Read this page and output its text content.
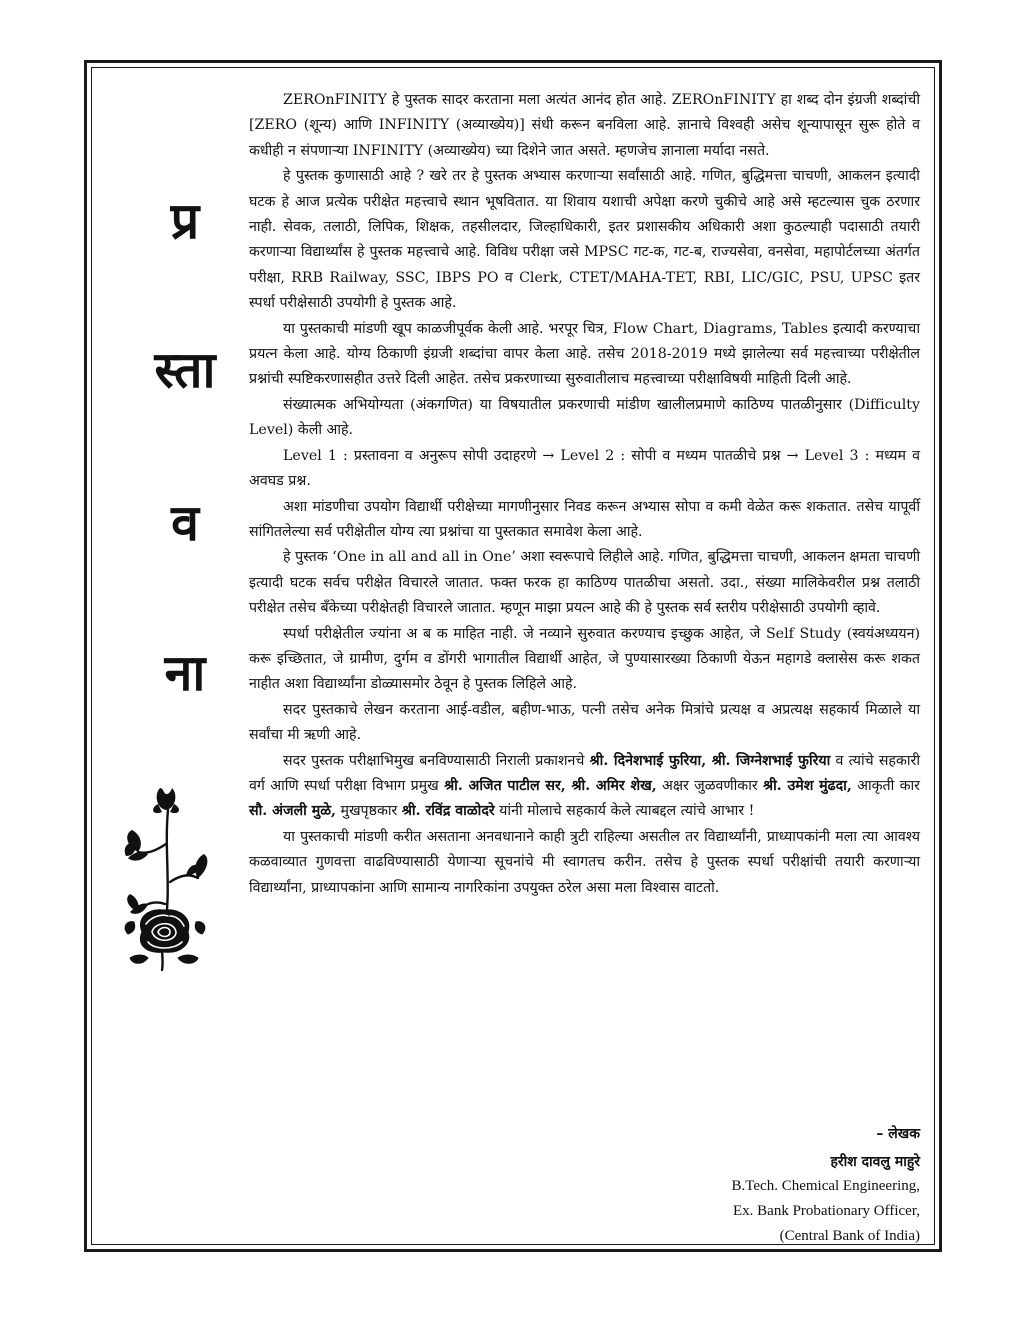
प्र
स्ता
व
ना

ZEROnFINITY हे पुस्तक सादर करताना मला अत्यंत आनंद होत आहे. ZEROnFINITY हा शब्द दोन इंग्रजी शब्दांची [ZERO (शून्य) आणि INFINITY (अव्याख्येय)] संधी करून बनविला आहे. ज्ञानाचे विश्वही असेच शून्यापासून सुरू होते व कधीही न संपणाऱ्या INFINITY (अव्याख्येय) च्या दिशेने जात असते. म्हणजेच ज्ञानाला मर्यादा नसते.

हे पुस्तक कुणासाठी आहे ? खरे तर हे पुस्तक अभ्यास करणाऱ्या सर्वांसाठी आहे. गणित, बुद्धिमत्ता चाचणी, आकलन इत्यादी घटक हे आज प्रत्येक परीक्षेत महत्त्वाचे स्थान भूषवितात. या शिवाय यशाची अपेक्षा करणे चुकीचे आहे असे म्हटल्यास चुक ठरणार नाही. सेवक, तलाठी, लिपिक, शिक्षक, तहसीलदार, जिल्हाधिकारी, इतर प्रशासकीय अधिकारी अशा कुठल्याही पदासाठी तयारी करणाऱ्या विद्यार्थ्यांस हे पुस्तक महत्त्वाचे आहे. विविध परीक्षा जसे MPSC गट-क, गट-ब, राज्यसेवा, वनसेवा, महापोर्टलच्या अंतर्गत परीक्षा, RRB Railway, SSC, IBPS PO व Clerk, CTET/MAHA-TET, RBI, LIC/GIC, PSU, UPSC इतर स्पर्धा परीक्षेसाठी उपयोगी हे पुस्तक आहे.

या पुस्तकाची मांडणी खूप काळजीपूर्वक केली आहे. भरपूर चित्र, Flow Chart, Diagrams, Tables इत्यादी करण्याचा प्रयत्न केला आहे. योग्य ठिकाणी इंग्रजी शब्दांचा वापर केला आहे. तसेच 2018-2019 मध्ये झालेल्या सर्व महत्त्वाच्या परीक्षेतील प्रश्नांची स्पष्टिकरणासहीत उत्तरे दिली आहेत. तसेच प्रकरणाच्या सुरुवातीलाच महत्त्वाच्या परीक्षाविषयी माहिती दिली आहे.

संख्यात्मक अभियोग्यता (अंकगणित) या विषयातील प्रकरणाची मांडीण खालीलप्रमाणे काठिण्य पातळीनुसार (Difficulty Level) केली आहे.

Level 1 : प्रस्तावना व अनुरूप सोपी उदाहरणे → Level 2 : सोपी व मध्यम पातळीचे प्रश्न → Level 3 : मध्यम व अवघड प्रश्न.

अशा मांडणीचा उपयोग विद्यार्थी परीक्षेच्या मागणीनुसार निवड करून अभ्यास सोपा व कमी वेळेत करू शकतात. तसेच यापूर्वी सांगितलेल्या सर्व परीक्षेतील योग्य त्या प्रश्नांचा या पुस्तकात समावेश केला आहे.

हे पुस्तक ‘One in all and all in One’ अशा स्वरूपाचे लिहीले आहे. गणित, बुद्धिमत्ता चाचणी, आकलन क्षमता चाचणी इत्यादी घटक सर्वच परीक्षेत विचारले जातात. फक्त फरक हा काठिण्य पातळीचा असतो. उदा., संख्या मालिकेवरील प्रश्न तलाठी परीक्षेत तसेच बँकेच्या परीक्षेतही विचारले जातात. म्हणून माझा प्रयत्न आहे की हे पुस्तक सर्व स्तरीय परीक्षेसाठी उपयोगी व्हावे.

स्पर्धा परीक्षेतील ज्यांना अ ब क माहित नाही. जे नव्याने सुरुवात करण्याच इच्छुक आहेत, जे Self Study (स्वयंअध्ययन) करू इच्छितात, जे ग्रामीण, दुर्गम व डोंगरी भागातील विद्यार्थी आहेत, जे पुण्यासारख्या ठिकाणी येऊन महागडे क्लासेस करू शकत नाहीत अशा विद्यार्थ्यांना डोळ्यासमोर ठेवून हे पुस्तक लिहिले आहे.

सदर पुस्तकाचे लेखन करताना आई-वडील, बहीण-भाऊ, पत्नी तसेच अनेक मित्रांचे प्रत्यक्ष व अप्रत्यक्ष सहकार्य मिळाले या सर्वांचा मी ऋणी आहे.

सदर पुस्तक परीक्षाभिमुख बनविण्यासाठी निराली प्रकाशनचे श्री. दिनेशभाई फुरिया, श्री. जिग्नेशभाई फुरिया व त्यांचे सहकारी वर्ग आणि स्पर्धा परीक्षा विभाग प्रमुख श्री. अजित पाटील सर, श्री. अमिर शेख, अक्षर जुळवणीकार श्री. उमेश मुंढदा, आकृती कार सौ. अंजली मुळे, मुखपृष्ठकार श्री. रविंद्र वाळोदरे यांनी मोलाचे सहकार्य केले त्याबद्दल त्यांचे आभार !

या पुस्तकाची मांडणी करीत असताना अनवधानाने काही त्रुटी राहिल्या असतील तर विद्यार्थ्यांनी, प्राध्यापकांनी मला त्या आवश्य कळवाव्यात गुणवत्ता वाढविण्यासाठी येणाऱ्या सूचनांचे मी स्वागतच करीन. तसेच हे पुस्तक स्पर्धा परीक्षांची तयारी करणाऱ्या विद्यार्थ्यांना, प्राध्यापकांना आणि सामान्य नागरिकांना उपयुक्त ठरेल असा मला विश्वास वाटतो.

– लेखक
हरीश दावलु माहुरे
B.Tech. Chemical Engineering,
Ex. Bank Probationary Officer,
(Central Bank of India)
